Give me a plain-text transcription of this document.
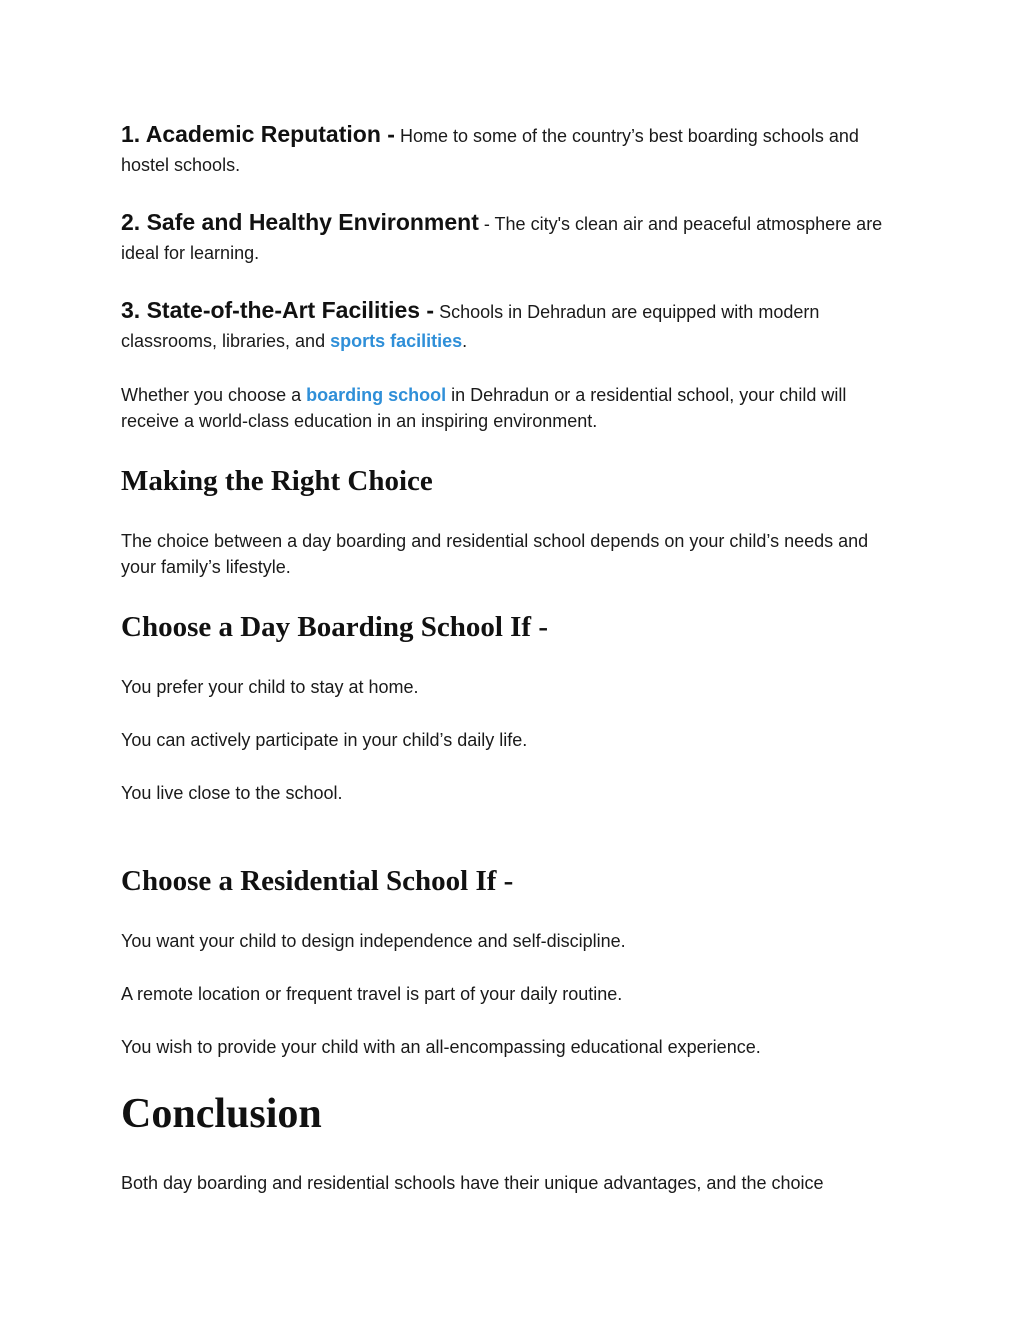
1. Academic Reputation - Home to some of the country’s best boarding schools and hostel schools.

2. Safe and Healthy Environment - The city's clean air and peaceful atmosphere are ideal for learning.

3. State-of-the-Art Facilities - Schools in Dehradun are equipped with modern classrooms, libraries, and sports facilities.

Whether you choose a boarding school in Dehradun or a residential school, your child will receive a world-class education in an inspiring environment.

Making the Right Choice

The choice between a day boarding and residential school depends on your child’s needs and your family’s lifestyle.

Choose a Day Boarding School If -

You prefer your child to stay at home.

You can actively participate in your child’s daily life.

You live close to the school.

Choose a Residential School If -

You want your child to design independence and self-discipline.

A remote location or frequent travel is part of your daily routine.

You wish to provide your child with an all-encompassing educational experience.

Conclusion

Both day boarding and residential schools have their unique advantages, and the choice
